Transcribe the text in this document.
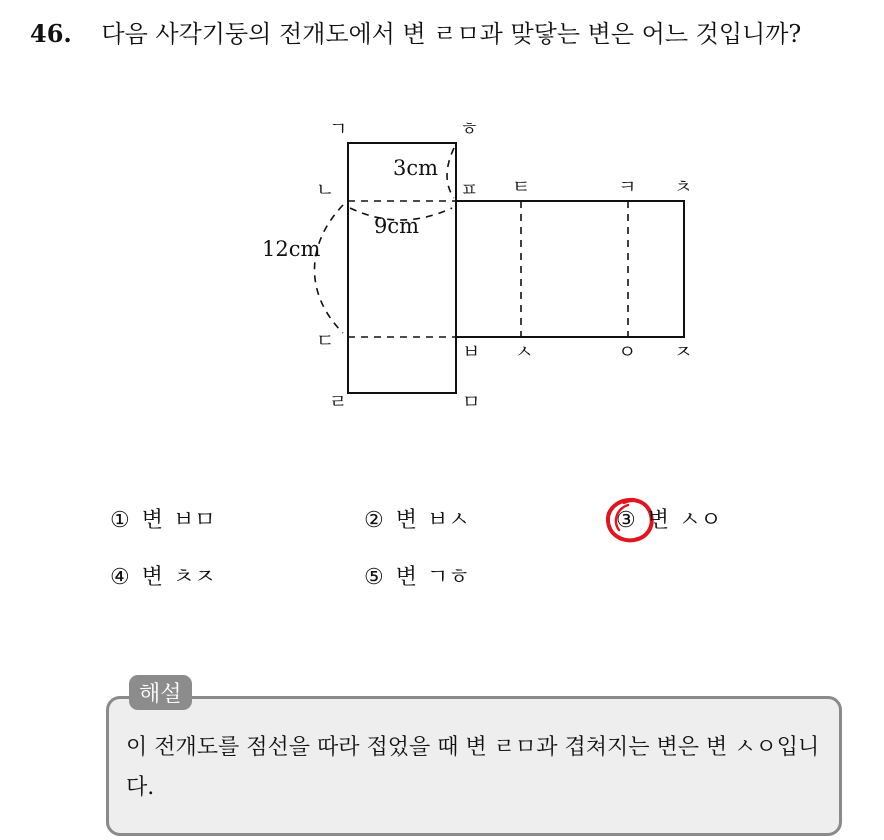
46. 다음 사각기둥의 전개도에서 변 ㄹㅁ과 맞닿는 변은 어느 것입니까?
ㄱ	ㅎ
ㄴ	ㅍ ㅌ	ㅋ ㅊ
ㄷ	ㅂ ㅅ	ㅇ ㅈ
ㄹ	ㅁ
3cm
9cm
12cm
① 변 ㅂㅁ	② 변 ㅂㅅ	③ 변 ㅅㅇ
④ 변 ㅊㅈ	⑤ 변 ㄱㅎ
해설
이 전개도를 점선을 따라 접었을 때 변 ㄹㅁ과 겹쳐지는 변은 변 ㅅㅇ입니다.
